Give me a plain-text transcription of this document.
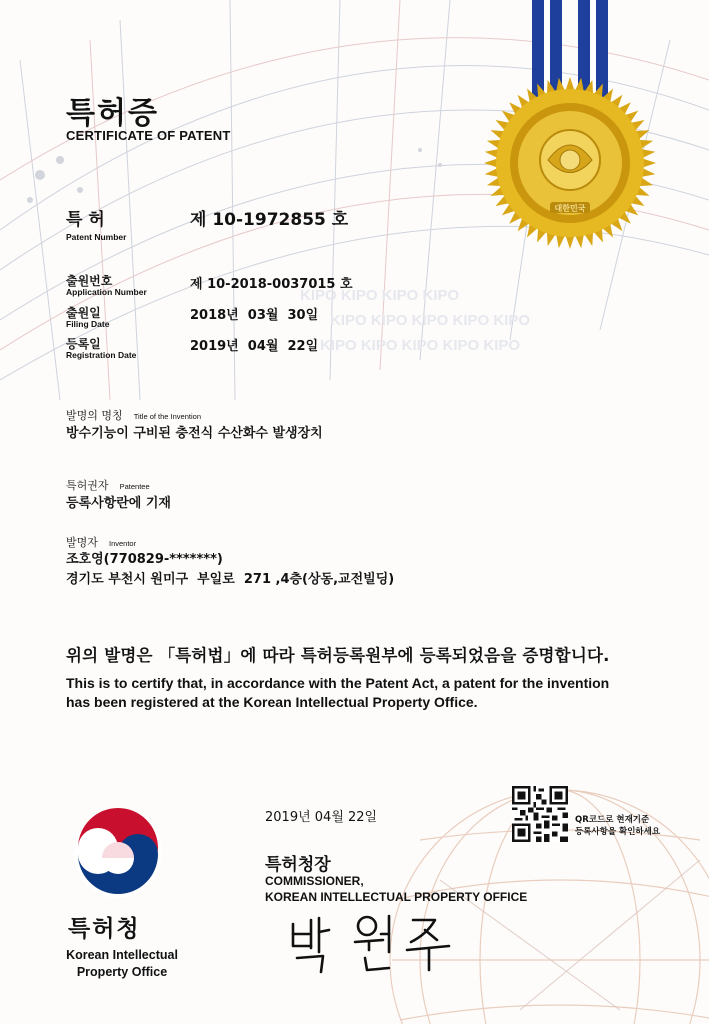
KIPO KIPO KIPO KIPO
KIPO KIPO KIPO KIPO KIPO
KIPO KIPO KIPO KIPO KIPO
대한민국
특허증
CERTIFICATE OF PATENT
특 허
Patent Number
제 10-1972855 호
출원번호
Application Number	제 10-2018-0037015 호
출원일
Filing Date
2018년  03월  30일
등록일
Registration Date
2019년  04월  22일
발명의 명칭 Title of the Invention
방수기능이 구비된 충전식 수산화수 발생장치
특허권자 Patentee
등록사항란에 기재
발명자 Inventor
조호영(770829-*******)
경기도 부천시 원미구  부일로  271 ,4층(상동,교전빌딩)
위의 발명은 「특허법」에 따라 특허등록원부에 등록되었음을 증명합니다.
This is to certify that, in accordance with the Patent Act, a patent for the invention
has been registered at the Korean Intellectual Property Office.
2019년 04월 22일	QR코드로 현재기준
등록사항을 확인하세요
특허청장
COMMISSIONER,
KOREAN INTELLECTUAL PROPERTY OFFICE
특허청
Korean Intellectual
Property Office
